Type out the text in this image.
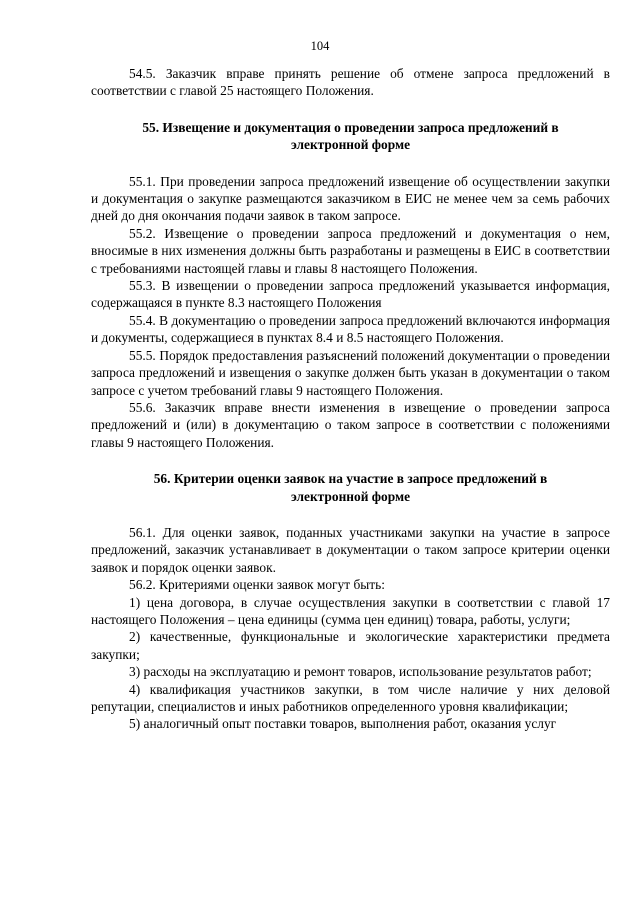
104

54.5. Заказчик вправе принять решение об отмене запроса предложений в соответствии с главой 25 настоящего Положения.

55. Извещение и документация о проведении запроса предложений в электронной форме

55.1. При проведении запроса предложений извещение об осуществлении закупки и документация о закупке размещаются заказчиком в ЕИС не менее чем за семь рабочих дней до дня окончания подачи заявок в таком запросе.

55.2. Извещение о проведении запроса предложений и документация о нем, вносимые в них изменения должны быть разработаны и размещены в ЕИС в соответствии с требованиями настоящей главы и главы 8 настоящего Положения.

55.3. В извещении о проведении запроса предложений указывается информация, содержащаяся в пункте 8.3 настоящего Положения

55.4. В документацию о проведении запроса предложений включаются информация и документы, содержащиеся в пунктах 8.4 и 8.5 настоящего Положения.

55.5. Порядок предоставления разъяснений положений документации о проведении запроса предложений и извещения о закупке должен быть указан в документации о таком запросе с учетом требований главы 9 настоящего Положения.

55.6. Заказчик вправе внести изменения в извещение о проведении запроса предложений и (или) в документацию о таком запросе в соответствии с положениями главы 9 настоящего Положения.

56. Критерии оценки заявок на участие в запросе предложений в электронной форме

56.1. Для оценки заявок, поданных участниками закупки на участие в запросе предложений, заказчик устанавливает в документации о таком запросе критерии оценки заявок и порядок оценки заявок.

56.2. Критериями оценки заявок могут быть:

1) цена договора, в случае осуществления закупки в соответствии с главой 17 настоящего Положения – цена единицы (сумма цен единиц) товара, работы, услуги;

2) качественные, функциональные и экологические характеристики предмета закупки;

3) расходы на эксплуатацию и ремонт товаров, использование результатов работ;

4) квалификация участников закупки, в том числе наличие у них деловой репутации, специалистов и иных работников определенного уровня квалификации;

5) аналогичный опыт поставки товаров, выполнения работ, оказания услуг
